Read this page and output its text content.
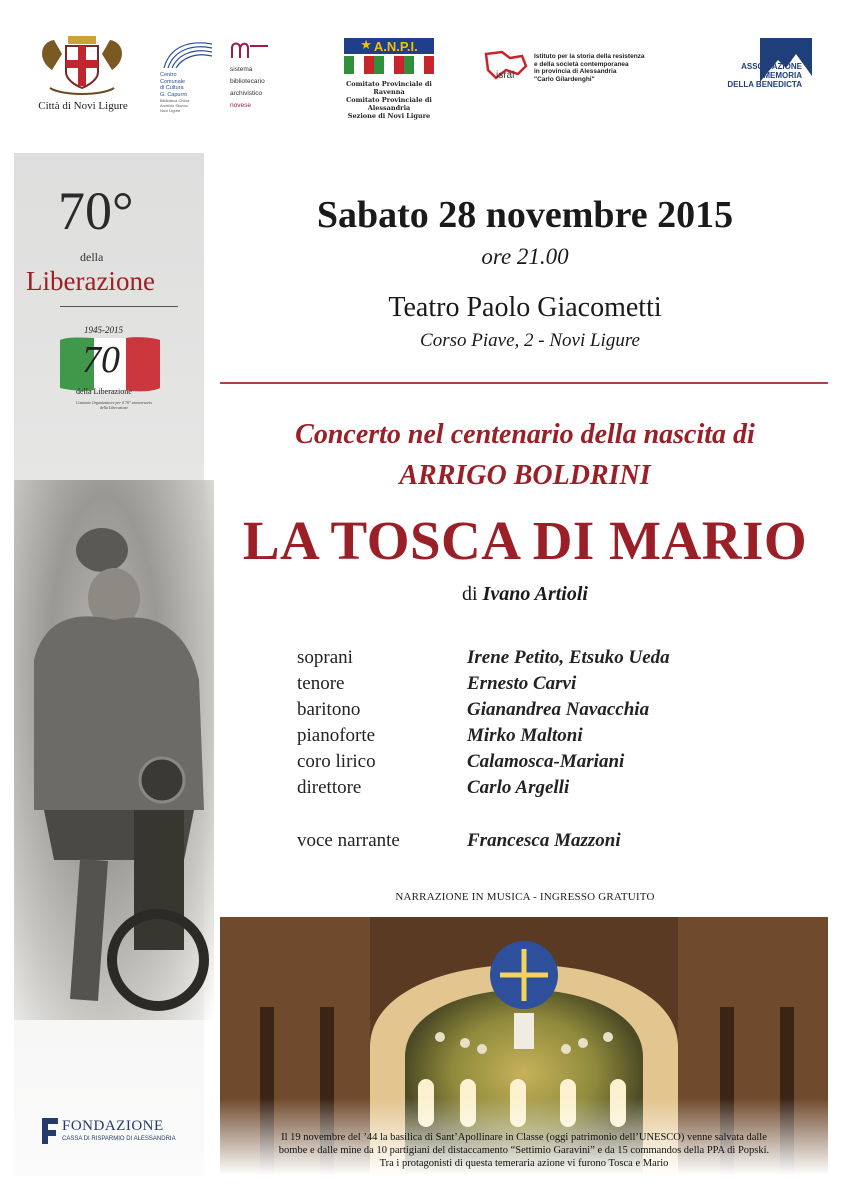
Città di Novi Ligure
Centro
Comunale
di Cultura
G. Capurro
Biblioteca Civica
Archivio Storico
Novi Ligure
sistema
bibliotecario
archivistico
novese
★ A.N.P.I.
Comitato Provinciale di Ravenna
Comitato Provinciale di Alessandria
Sezione di Novi Ligure
isral
Istituto per la storia della resistenza
e della società contemporanea
in provincia di Alessandria
"Carlo Gilardenghi"
ASSOCIAZIONE
MEMORIA
DELLA BENEDICTA
70°
della
Liberazione
1945-2015
70
della Liberazione
Comitato Organizzatore per il 70° anniversario della Liberazione
FONDAZIONE
CASSA DI RISPARMIO DI ALESSANDRIA
Sabato 28 novembre 2015
ore 21.00
Teatro Paolo Giacometti
Corso Piave, 2 - Novi Ligure
Concerto nel centenario della nascita di
ARRIGO BOLDRINI
LA TOSCA DI MARIO
di Ivano Artioli
soprani	Irene Petito, Etsuko Ueda
tenore	Ernesto Carvi
baritono	Gianandrea Navacchia
pianoforte	Mirko Maltoni
coro lirico	Calamosca-Mariani
direttore	Carlo Argelli
voce narrante	Francesca Mazzoni
NARRAZIONE IN MUSICA - INGRESSO GRATUITO
Il 19 novembre del ’44 la basilica di Sant’Apollinare in Classe (oggi patrimonio dell’UNESCO) venne salvata dalle
bombe e dalle mine da 10 partigiani del distaccamento “Settimio Garavini” e da 15 commandos della PPA di Popski.
Tra i protagonisti di questa temeraria azione vi furono Tosca e Mario
